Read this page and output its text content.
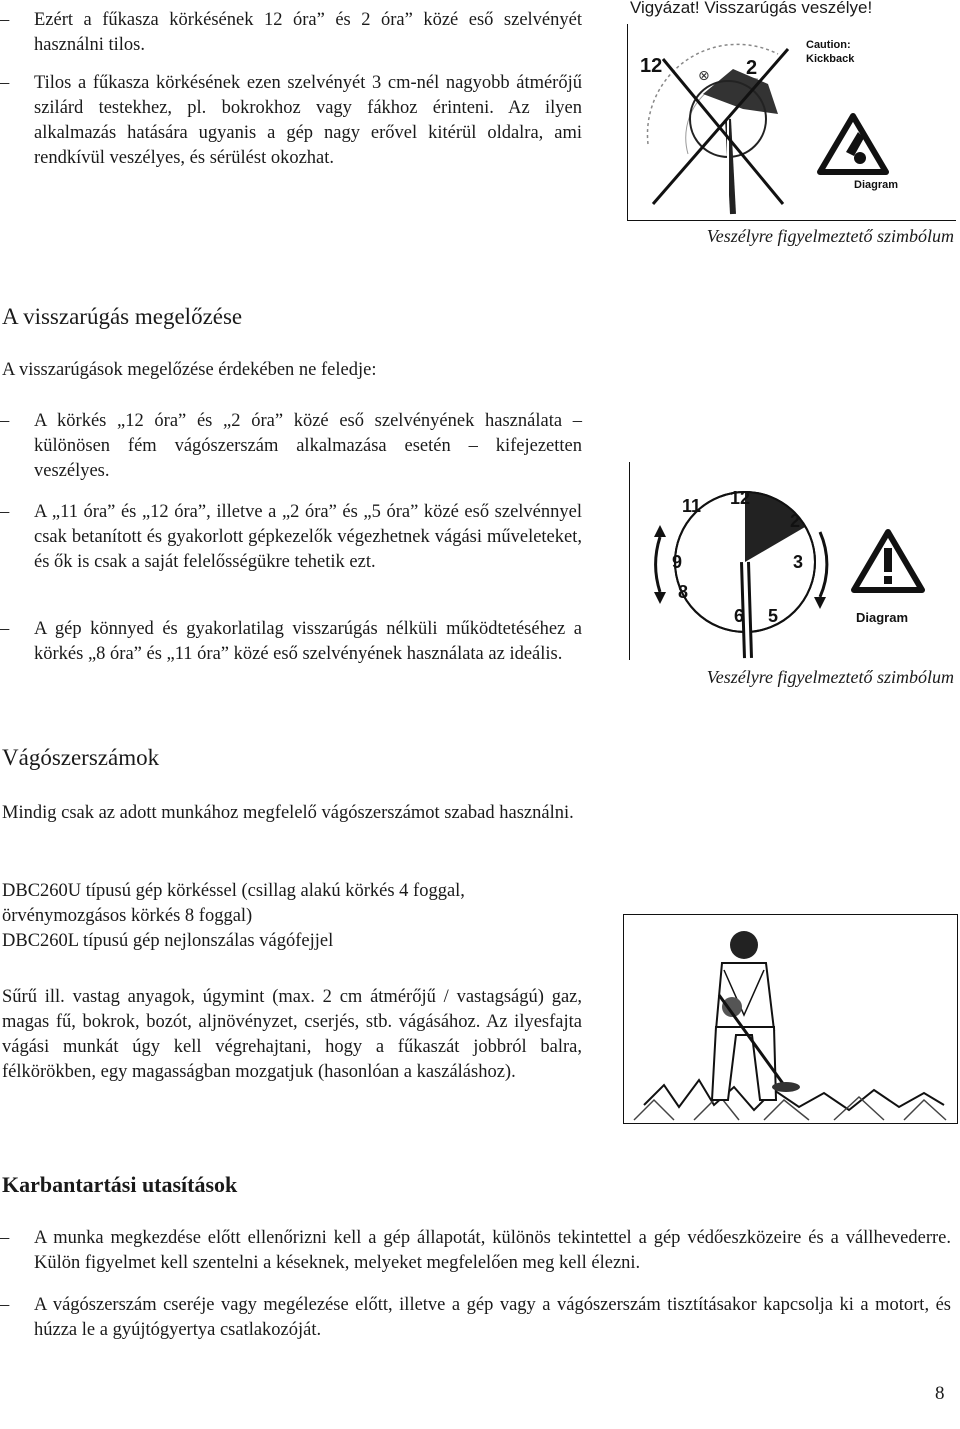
– Ezért a fűkasza körkésének 12 óra” és 2 óra” közé eső szelvényét használni tilos.
– Tilos a fűkasza körkésének ezen szelvényét 3 cm-nél nagyobb átmérőjű szilárd testekhez, pl. bokrokhoz vagy fákhoz érinteni. Az ilyen alkalmazás hatására ugyanis a gép nagy erővel kitérül oldalra, ami rendkívül veszélyes, és sérülést okozhat.
Vigyázat! Visszarúgás veszélye!
12	⊗ 2
Caution:
Kickback
Diagram
Veszélyre figyelmeztető szimbólum
A visszarúgás megelőzése
A visszarúgások megelőzése érdekében ne feledje:
– A körkés „12 óra” és „2 óra” közé eső szelvényének használata – különösen fém vágószerszám alkalmazása esetén – kifejezetten veszélyes.
– A „11 óra” és „12 óra”, illetve a „2 óra” és „5 óra” közé eső szelvénnyel csak betanított és gyakorlott gépkezelők végezhetnek vágási műveleteket, és ők is csak a saját felelősségükre tehetik ezt.
– A gép könnyed és gyakorlatilag visszarúgás nélküli működtetéséhez a körkés „8 óra” és „11 óra” közé eső szelvényének használata az ideális.
12
11
2
9	3
8
6 5	Diagram
Veszélyre figyelmeztető szimbólum
Vágószerszámok
Mindig csak az adott munkához megfelelő vágószerszámot szabad használni.
DBC260U típusú gép körkéssel (csillag alakú körkés 4 foggal, örvénymozgásos körkés 8 foggal)
DBC260L típusú gép nejlonszálas vágófejjel
Sűrű ill. vastag anyagok, úgymint (max. 2 cm átmérőjű / vastagságú) gaz, magas fű, bokrok, bozót, aljnövényzet, cserjés, stb. vágásához. Az ilyesfajta vágási munkát úgy kell végrehajtani, hogy a fűkaszát jobbról balra, félkörökben, egy magasságban mozgatjuk (hasonlóan a kaszáláshoz).
Karbantartási utasítások
– A munka megkezdése előtt ellenőrizni kell a gép állapotát, különös tekintettel a gép védőeszközeire és a vállhevederre. Külön figyelmet kell szentelni a késeknek, melyeket megfelelően meg kell élezni.
– A vágószerszám cseréje vagy megélezése előtt, illetve a gép vagy a vágószerszám tisztításakor kapcsolja ki a motort, és húzza le a gyújtógyertya csatlakozóját.
8
